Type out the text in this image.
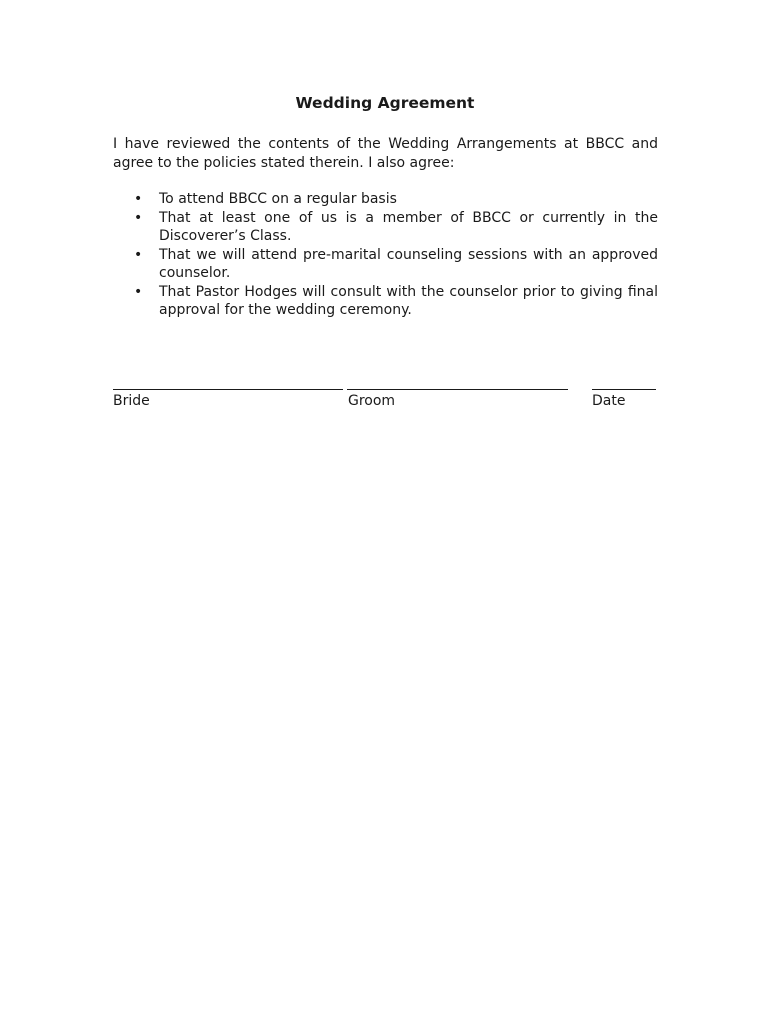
Wedding Agreement
I have reviewed the contents of the Wedding Arrangements at BBCC and agree to the policies stated therein. I also agree:
• To attend BBCC on a regular basis
• That at least one of us is a member of BBCC or currently in the Discoverer’s Class.
• That we will attend pre-marital counseling sessions with an approved counselor.
• That Pastor Hodges will consult with the counselor prior to giving final approval for the wedding ceremony.
Bride	Groom	Date
